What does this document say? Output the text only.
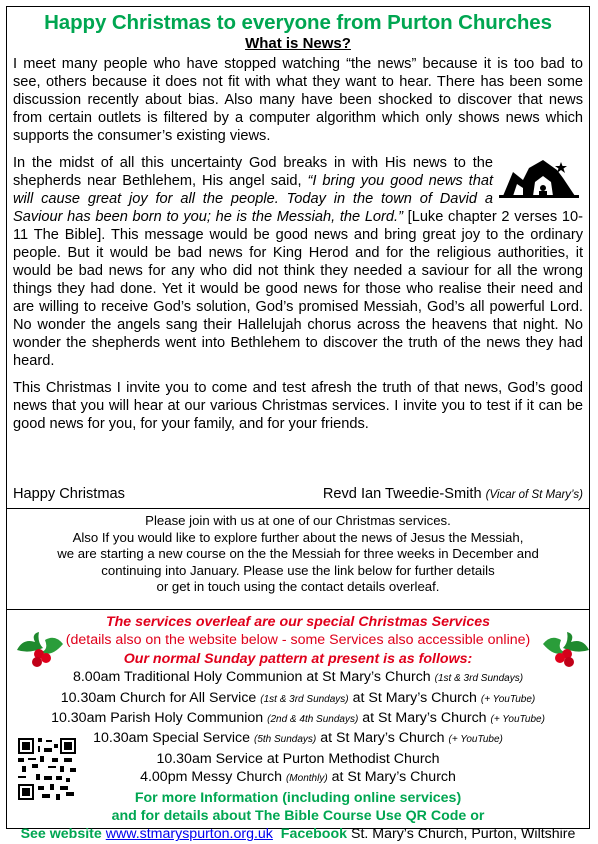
Happy Christmas to everyone from Purton Churches
What is News?

I meet many people who have stopped watching “the news” because it is too bad to see, others because it does not fit with what they want to hear. There has been some discussion recently about bias. Also many have been shocked to discover that news from certain outlets is filtered by a computer algorithm which only shows news which supports the consumer’s existing views.

In the midst of all this uncertainty God breaks in with His news to the shepherds near Bethlehem, His angel said, “I bring you good news that will cause great joy for all the people. Today in the town of David a Saviour has been born to you; he is the Messiah, the Lord.” [Luke chapter 2 verses 10-11 The Bible]. This message would be good news and bring great joy to the ordinary people. But it would be bad news for King Herod and for the religious authorities, it would be bad news for any who did not think they needed a saviour for all the wrong things they had done. Yet it would be good news for those who realise their need and are willing to receive God’s solution, God’s promised Messiah, God’s all powerful Lord. No wonder the angels sang their Hallelujah chorus across the heavens that night. No wonder the shepherds went into Bethlehem to discover the truth of the news they had heard.

This Christmas I invite you to come and test afresh the truth of that news, God’s good news that you will hear at our various Christmas services. I invite you to test if it can be good news for you, for your family, and for your friends.

Happy Christmas	Revd Ian Tweedie-Smith (Vicar of St Mary’s)
Please join with us at one of our Christmas services.
Also If you would like to explore further about the news of Jesus the Messiah,
we are starting a new course on the the Messiah for three weeks in December and
continuing into January. Please use the link below for further details
or get in touch using the contact details overleaf.
The services overleaf are our special Christmas Services
(details also on the website below - some Services also accessible online)
Our normal Sunday pattern at present is as follows:
8.00am Traditional Holy Communion at St Mary’s Church (1st & 3rd Sundays)
10.30am Church for All Service (1st & 3rd Sundays) at St Mary’s Church (+ YouTube)
10.30am Parish Holy Communion (2nd & 4th Sundays) at St Mary’s Church (+ YouTube)
10.30am Special Service (5th Sundays) at St Mary’s Church (+ YouTube)
10.30am Service at Purton Methodist Church
4.00pm Messy Church (Monthly) at St Mary’s Church
For more Information (including online services)
and for details about The Bible Course Use QR Code or
See website www.stmaryspurton.org.uk Facebook St. Mary’s Church, Purton, Wiltshire
